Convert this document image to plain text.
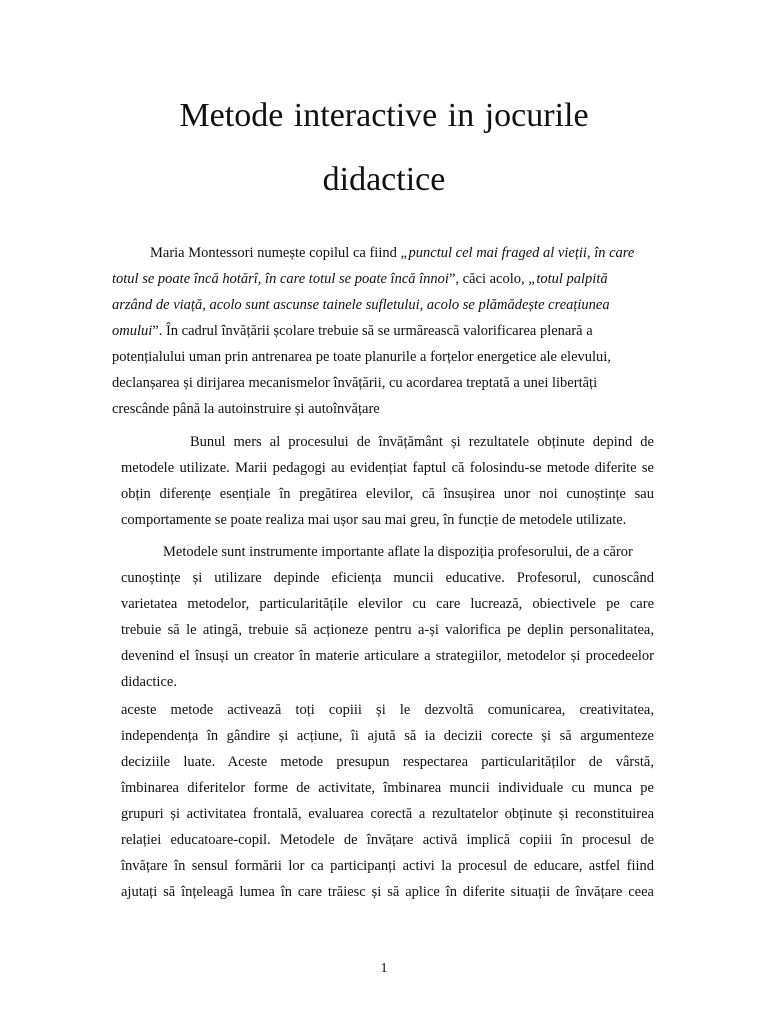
Metode interactive in jocurile
didactice
Maria Montessori numește copilul ca fiind „punctul cel mai fraged al vieții, în care
totul se poate încă hotărî, în care totul se poate încă înnoi”, căci acolo, „totul palpită
arzând de viață, acolo sunt ascunse tainele sufletului, acolo se plămădește creațiunea
omului”. În cadrul învățării școlare trebuie să se urmărească valorificarea plenară a
potențialului uman prin antrenarea pe toate planurile a forțelor energetice ale elevului,
declanșarea și dirijarea mecanismelor învățării, cu acordarea treptată a unei libertăți
crescânde până la autoinstruire și autoînvățare
Bunul mers al procesului de învățământ și rezultatele obținute depind de
metodele utilizate. Marii pedagogi au evidențiat faptul că folosindu-se metode diferite se
obțin diferențe esențiale în pregătirea elevilor, că însușirea unor noi cunoștințe sau
comportamente se poate realiza mai ușor sau mai greu, în funcție de metodele utilizate.
Metodele sunt instrumente importante aflate la dispoziția profesorului, de a căror
cunoștințe și utilizare depinde eficiența muncii educative. Profesorul, cunoscând
varietatea metodelor, particularitățile elevilor cu care lucrează, obiectivele pe care
trebuie să le atingă, trebuie să acționeze pentru a-și valorifica pe deplin personalitatea,
devenind el însuși un creator în materie articulare a strategiilor, metodelor și procedeelor
didactice.
aceste metode activează toți copiii și le dezvoltă comunicarea, creativitatea,
independența în gândire și acțiune, îi ajută să ia decizii corecte și să argumenteze
deciziile luate. Aceste metode presupun respectarea particularităților de vârstă,
îmbinarea diferitelor forme de activitate, îmbinarea muncii individuale cu munca pe
grupuri și activitatea frontală, evaluarea corectă a rezultatelor obținute și reconstituirea
relației educatoare-copil. Metodele de învățare activă implică copiii în procesul de
învățare în sensul formării lor ca participanți activi la procesul de educare, astfel fiind
ajutați să înțeleagă lumea în care trăiesc și să aplice în diferite situații de învățare ceea
1
